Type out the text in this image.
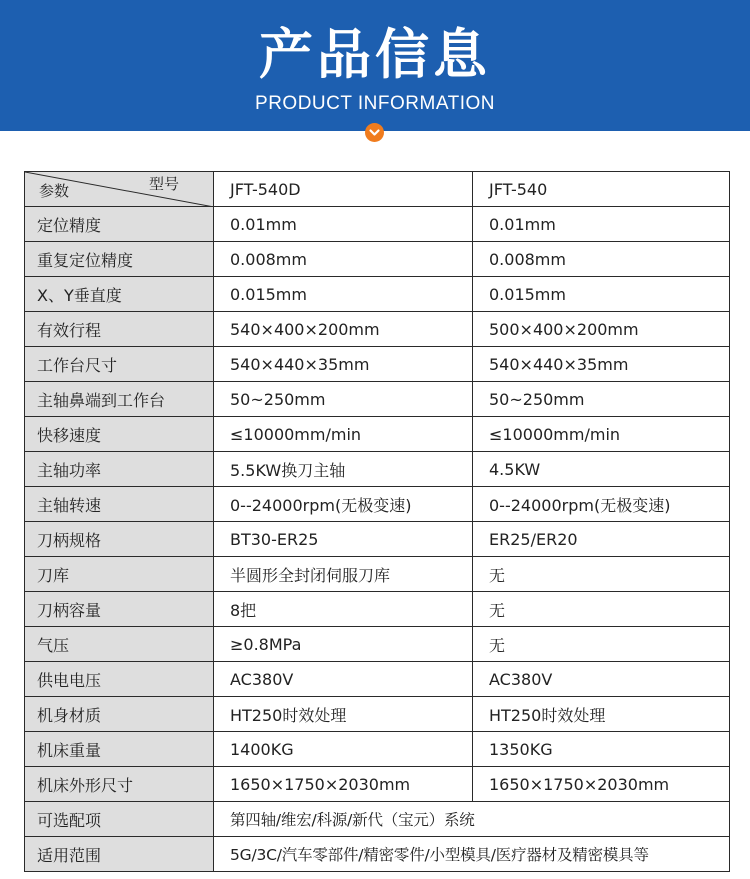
产品信息
PRODUCT INFORMATION
参数 型号	JFT-540D	JFT-540
定位精度	0.01mm	0.01mm
重复定位精度	0.008mm	0.008mm
X、Y垂直度	0.015mm	0.015mm
有效行程	540×400×200mm	500×400×200mm
工作台尺寸	540×440×35mm	540×440×35mm
主轴鼻端到工作台	50~250mm	50~250mm
快移速度	≤10000mm/min	≤10000mm/min
主轴功率	5.5KW换刀主轴	4.5KW
主轴转速	0--24000rpm(无极变速)	0--24000rpm(无极变速)
刀柄规格	BT30-ER25	ER25/ER20
刀库	半圆形全封闭伺服刀库	无
刀柄容量	8把	无
气压	≥0.8MPa	无
供电电压	AC380V	AC380V
机身材质	HT250时效处理	HT250时效处理
机床重量	1400KG	1350KG
机床外形尺寸	1650×1750×2030mm	1650×1750×2030mm
可选配项	第四轴/维宏/科源/新代（宝元）系统	
适用范围	5G/3C/汽车零部件/精密零件/小型模具/医疗器材及精密模具等	
